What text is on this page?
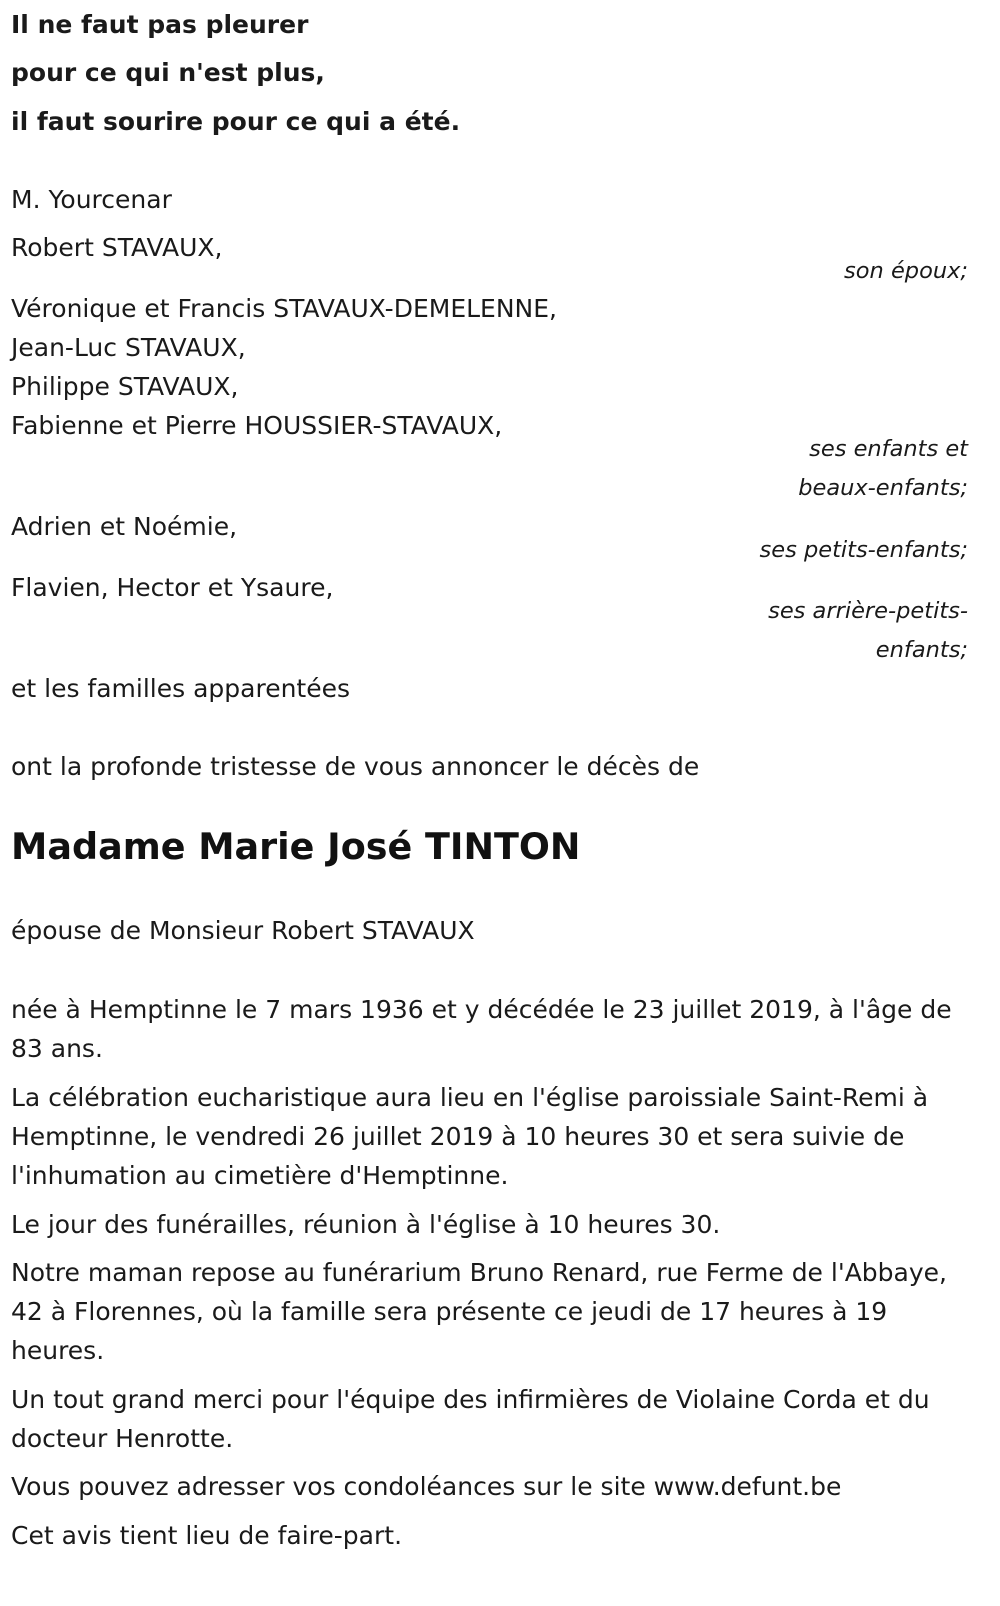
Il ne faut pas pleurer
pour ce qui n'est plus,
il faut sourire pour ce qui a été.
M. Yourcenar
Robert STAVAUX,
son époux;
Véronique et Francis STAVAUX-DEMELENNE,
Jean-Luc STAVAUX,
Philippe STAVAUX,
Fabienne et Pierre HOUSSIER-STAVAUX,
ses enfants et
beaux-enfants;
Adrien et Noémie,
ses petits-enfants;
Flavien, Hector et Ysaure,
ses arrière-petits-
enfants;
et les familles apparentées
ont la profonde tristesse de vous annoncer le décès de
Madame Marie José TINTON
épouse de Monsieur Robert STAVAUX
née à Hemptinne le 7 mars 1936 et y décédée le 23 juillet 2019, à l'âge de 83 ans.
La célébration eucharistique aura lieu en l'église paroissiale Saint-Remi à Hemptinne, le vendredi 26 juillet 2019 à 10 heures 30 et sera suivie de l'inhumation au cimetière d'Hemptinne.
Le jour des funérailles, réunion à l'église à 10 heures 30.
Notre maman repose au funérarium Bruno Renard, rue Ferme de l'Abbaye, 42 à Florennes, où la famille sera présente ce jeudi de 17 heures à 19 heures.
Un tout grand merci pour l'équipe des infirmières de Violaine Corda et du docteur Henrotte.
Vous pouvez adresser vos condoléances sur le site www.defunt.be
Cet avis tient lieu de faire-part.
